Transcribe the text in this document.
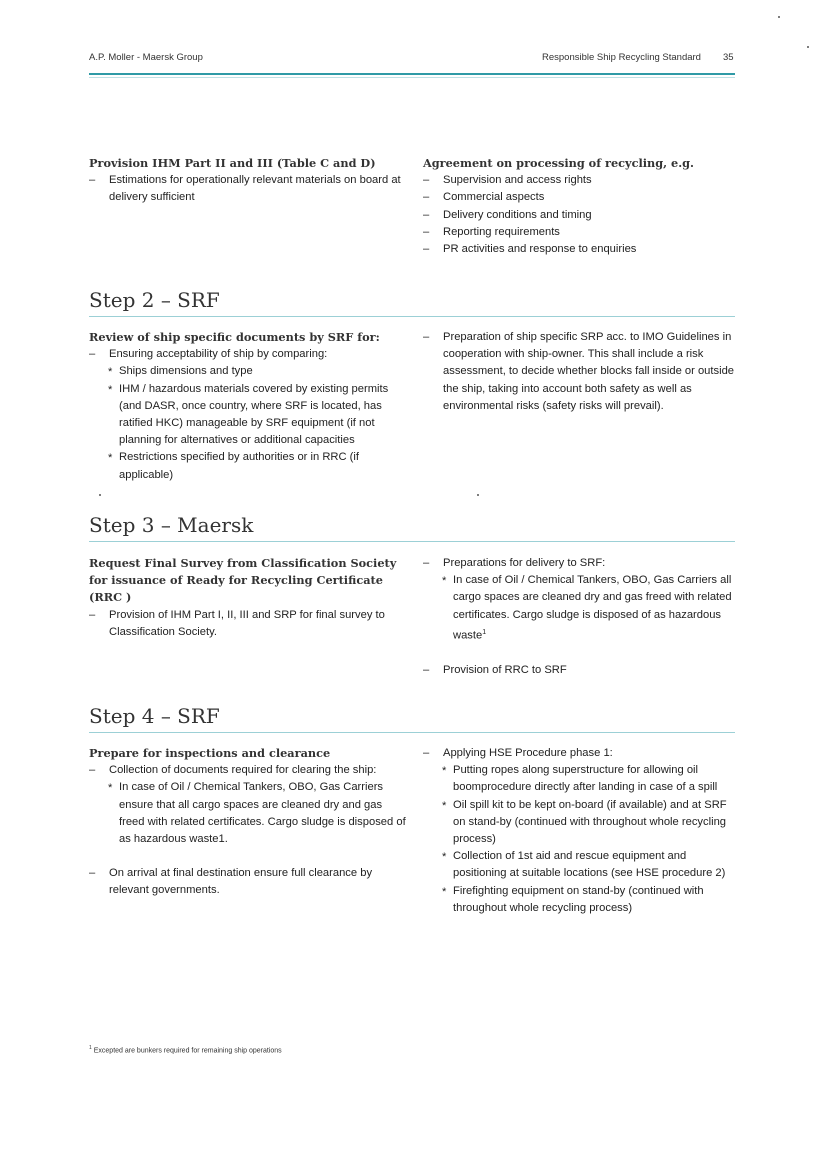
A.P. Moller - Maersk Group	Responsible Ship Recycling Standard 35
Provision IHM Part II and III (Table C and D)
– Estimations for operationally relevant materials on board at delivery sufficient
Agreement on processing of recycling, e.g.
– Supervision and access rights
– Commercial aspects
– Delivery conditions and timing
– Reporting requirements
– PR activities and response to enquiries
Step 2 – SRF
Review of ship specific documents by SRF for:
– Ensuring acceptability of ship by comparing:
* Ships dimensions and type
* IHM / hazardous materials covered by existing permits (and DASR, once country, where SRF is located, has ratified HKC) manageable by SRF equipment (if not planning for alternatives or additional capacities
* Restrictions specified by authorities or in RRC (if applicable)
– Preparation of ship specific SRP acc. to IMO Guidelines in cooperation with ship-owner. This shall include a risk assessment, to decide whether blocks fall inside or outside the ship, taking into account both safety as well as environmental risks (safety risks will prevail).
Step 3 – Maersk
Request Final Survey from Classification Society for issuance of Ready for Recycling Certificate (RRC )
– Provision of IHM Part I, II, III and SRP for final survey to Classification Society.
– Preparations for delivery to SRF:
* In case of Oil / Chemical Tankers, OBO, Gas Carriers all cargo spaces are cleaned dry and gas freed with related certificates. Cargo sludge is disposed of as hazardous waste$^1$
– Provision of RRC to SRF
Step 4 – SRF
Prepare for inspections and clearance
– Collection of documents required for clearing the ship:
* In case of Oil / Chemical Tankers, OBO, Gas Carriers ensure that all cargo spaces are cleaned dry and gas freed with related certificates. Cargo sludge is disposed of as hazardous waste1.
– On arrival at final destination ensure full clearance by relevant governments.
– Applying HSE Procedure phase 1:
* Putting ropes along superstructure for allowing oil boomprocedure directly after landing in case of a spill
* Oil spill kit to be kept on-board (if available) and at SRF on stand-by (continued with throughout whole recycling process)
* Collection of 1st aid and rescue equipment and positioning at suitable locations (see HSE procedure 2)
* Firefighting equipment on stand-by (continued with throughout whole recycling process)
$^1$ Excepted are bunkers required for remaining ship operations
